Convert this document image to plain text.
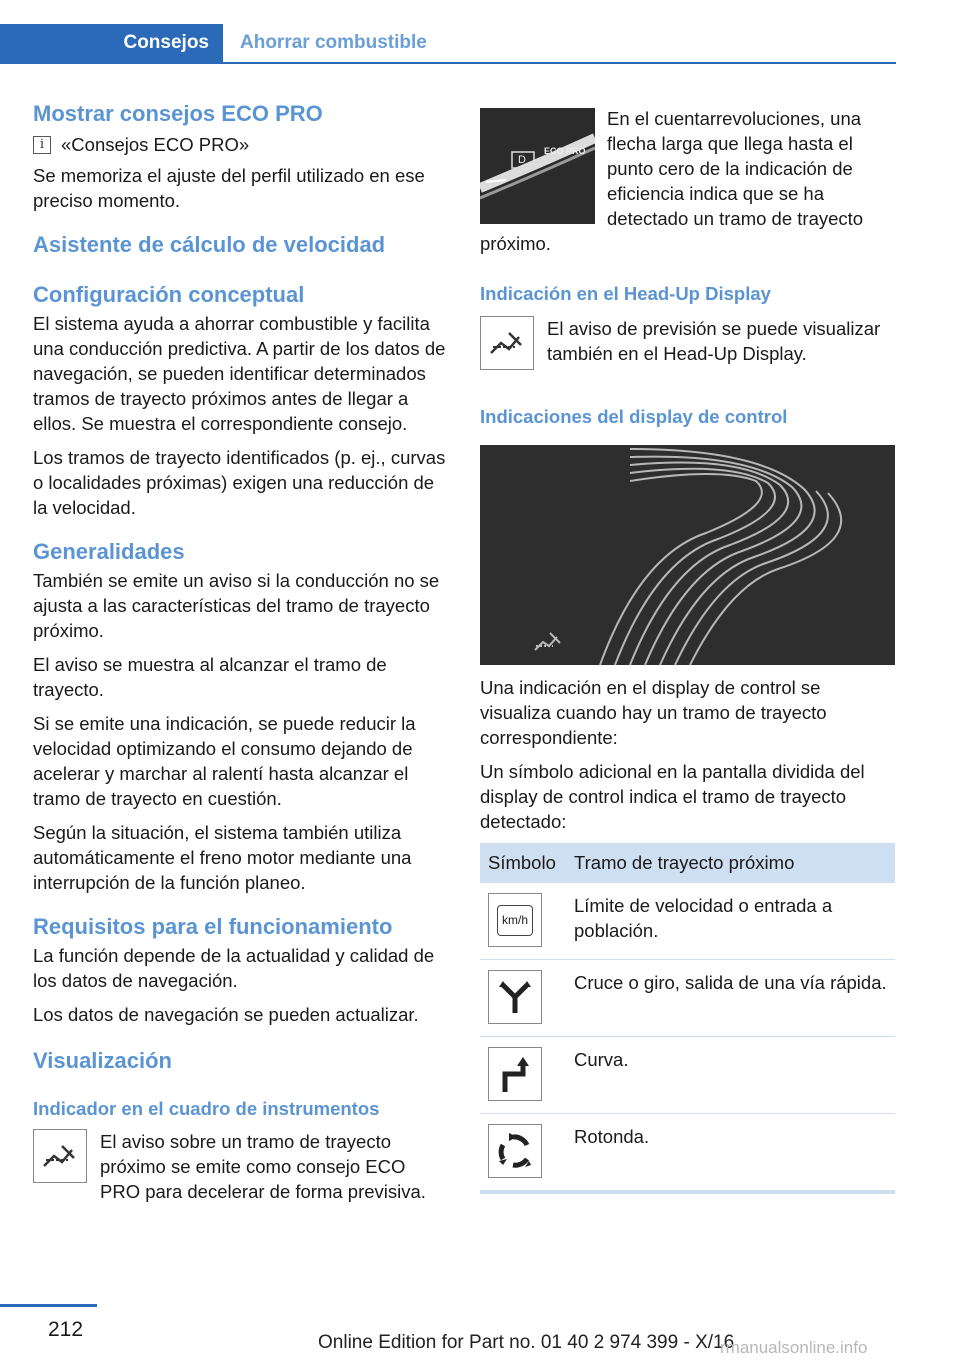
Consejos	Ahorrar combustible
Mostrar consejos ECO PRO
i «Consejos ECO PRO»

Se memoriza el ajuste del perfil utilizado en ese preciso momento.

Asistente de cálculo de velocidad
Configuración conceptual

El sistema ayuda a ahorrar combustible y facilita una conducción predictiva. A partir de los datos de navegación, se pueden identificar determinados tramos de trayecto próximos antes de llegar a ellos. Se muestra el correspondiente consejo.

Los tramos de trayecto identificados (p. ej., curvas o localidades próximas) exigen una reducción de la velocidad.

Generalidades

También se emite un aviso si la conducción no se ajusta a las características del tramo de trayecto próximo.

El aviso se muestra al alcanzar el tramo de trayecto.

Si se emite una indicación, se puede reducir la velocidad optimizando el consumo dejando de acelerar y marchar al ralentí hasta alcanzar el tramo de trayecto en cuestión.

Según la situación, el sistema también utiliza automáticamente el freno motor mediante una interrupción de la función planeo.

Requisitos para el funcionamiento

La función depende de la actualidad y calidad de los datos de navegación.

Los datos de navegación se pueden actualizar.

Visualización
Indicador en el cuadro de instrumentos

El aviso sobre un tramo de trayecto próximo se emite como consejo ECO PRO para decelerar de forma previsiva.

D
ECO PRO

En el cuentarrevoluciones, una flecha larga que llega hasta el punto cero de la indicación de eficiencia indica que se ha detectado un tramo de trayecto próximo.

Indicación en el Head-Up Display

El aviso de previsión se puede visualizar también en el Head-Up Display.

Indicaciones del display de control

Una indicación en el display de control se visualiza cuando hay un tramo de trayecto correspondiente:

Un símbolo adicional en la pantalla dividida del display de control indica el tramo de trayecto detectado:

Símbolo	Tramo de trayecto próximo

km/h	Límite de velocidad o entrada a población.

	Cruce o giro, salida de una vía rápida.

	Curva.

	Rotonda.
212
Online Edition for Part no. 01 40 2 974 399 - X/16
rmanualsonline.info
